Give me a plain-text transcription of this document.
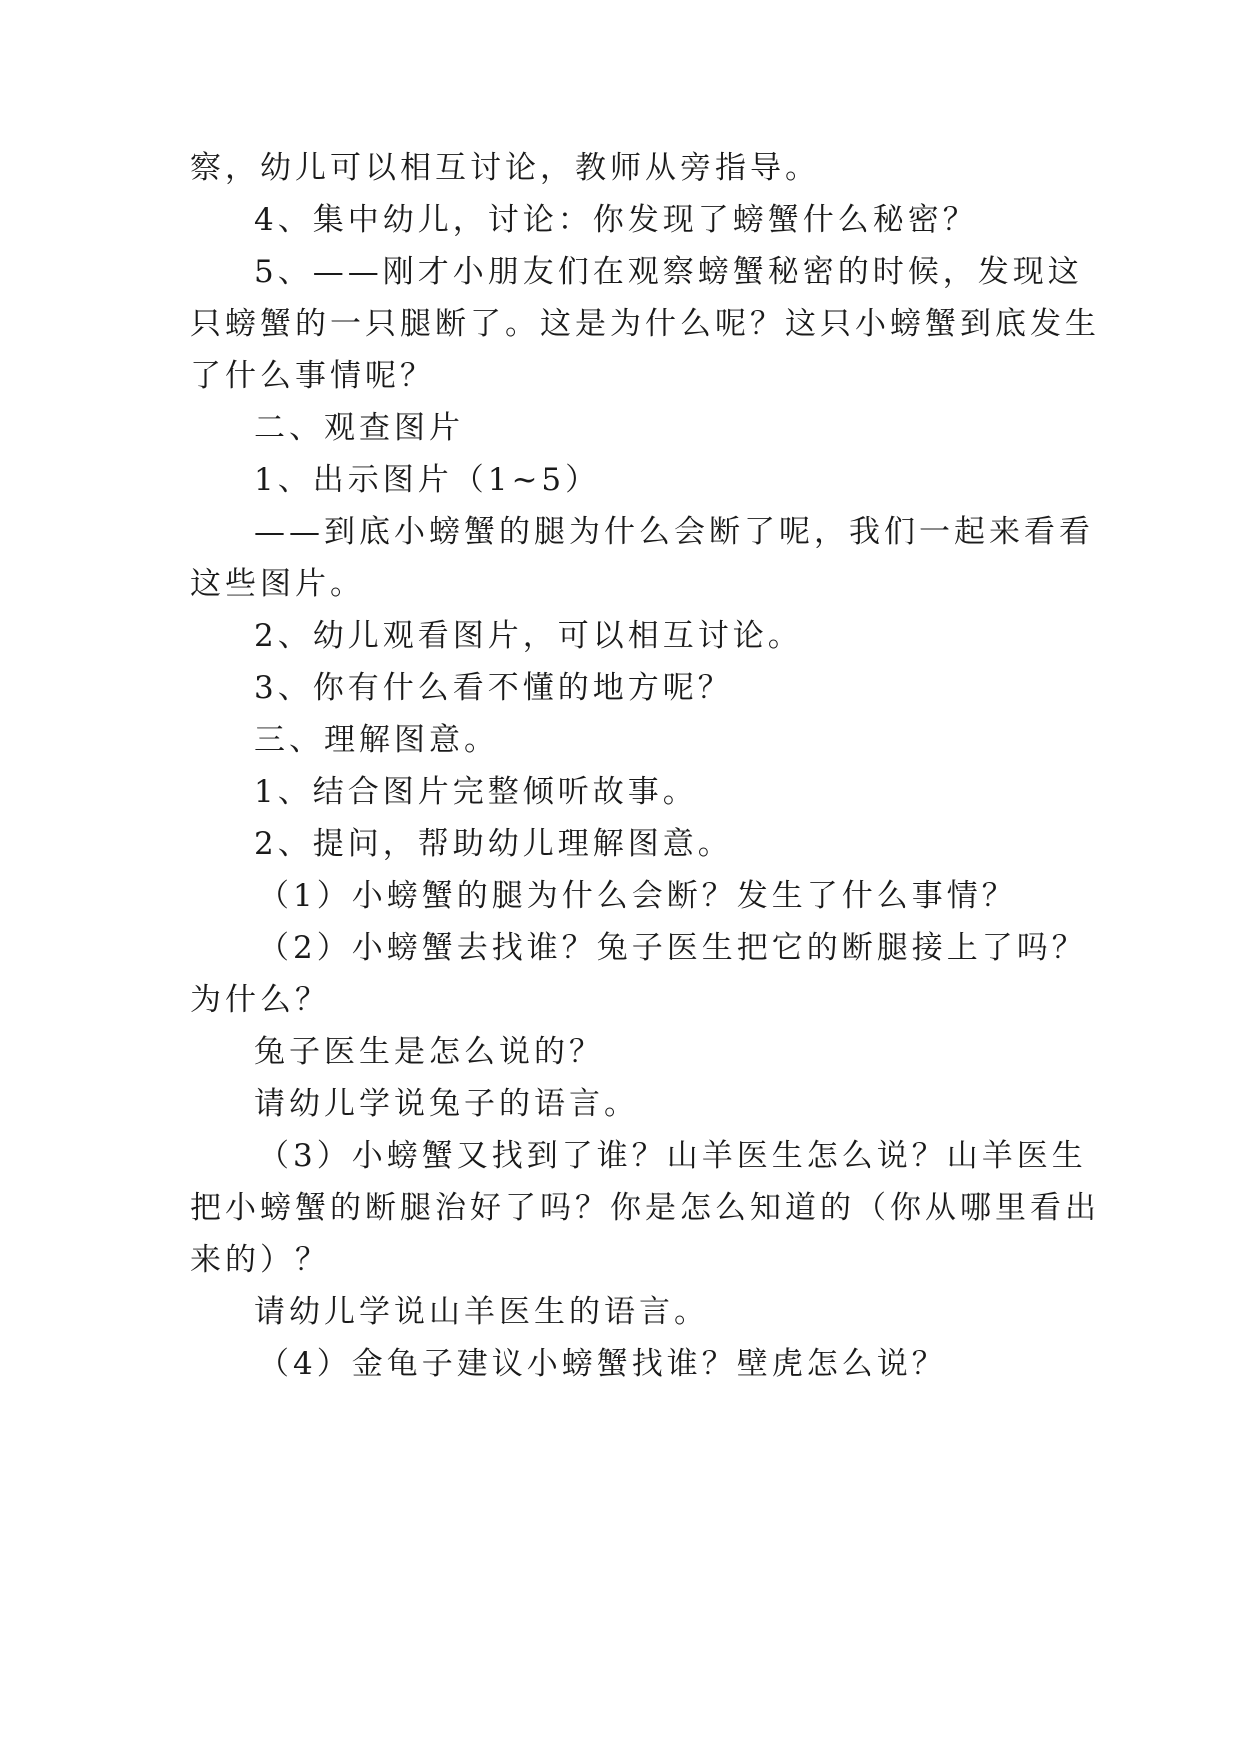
察，幼儿可以相互讨论，教师从旁指导。
4、集中幼儿，讨论：你发现了螃蟹什么秘密？
5、——刚才小朋友们在观察螃蟹秘密的时候，发现这
只螃蟹的一只腿断了。这是为什么呢？这只小螃蟹到底发生
了什么事情呢？
二、观查图片
1、出示图片（1~5）
——到底小螃蟹的腿为什么会断了呢，我们一起来看看
这些图片。
2、幼儿观看图片，可以相互讨论。
3、你有什么看不懂的地方呢？
三、理解图意。
1、结合图片完整倾听故事。
2、提问，帮助幼儿理解图意。
（1）小螃蟹的腿为什么会断？发生了什么事情？
（2）小螃蟹去找谁？兔子医生把它的断腿接上了吗？
为什么？
兔子医生是怎么说的？
请幼儿学说兔子的语言。
（3）小螃蟹又找到了谁？山羊医生怎么说？山羊医生
把小螃蟹的断腿治好了吗？你是怎么知道的（你从哪里看出
来的）？
请幼儿学说山羊医生的语言。
（4）金龟子建议小螃蟹找谁？壁虎怎么说？
